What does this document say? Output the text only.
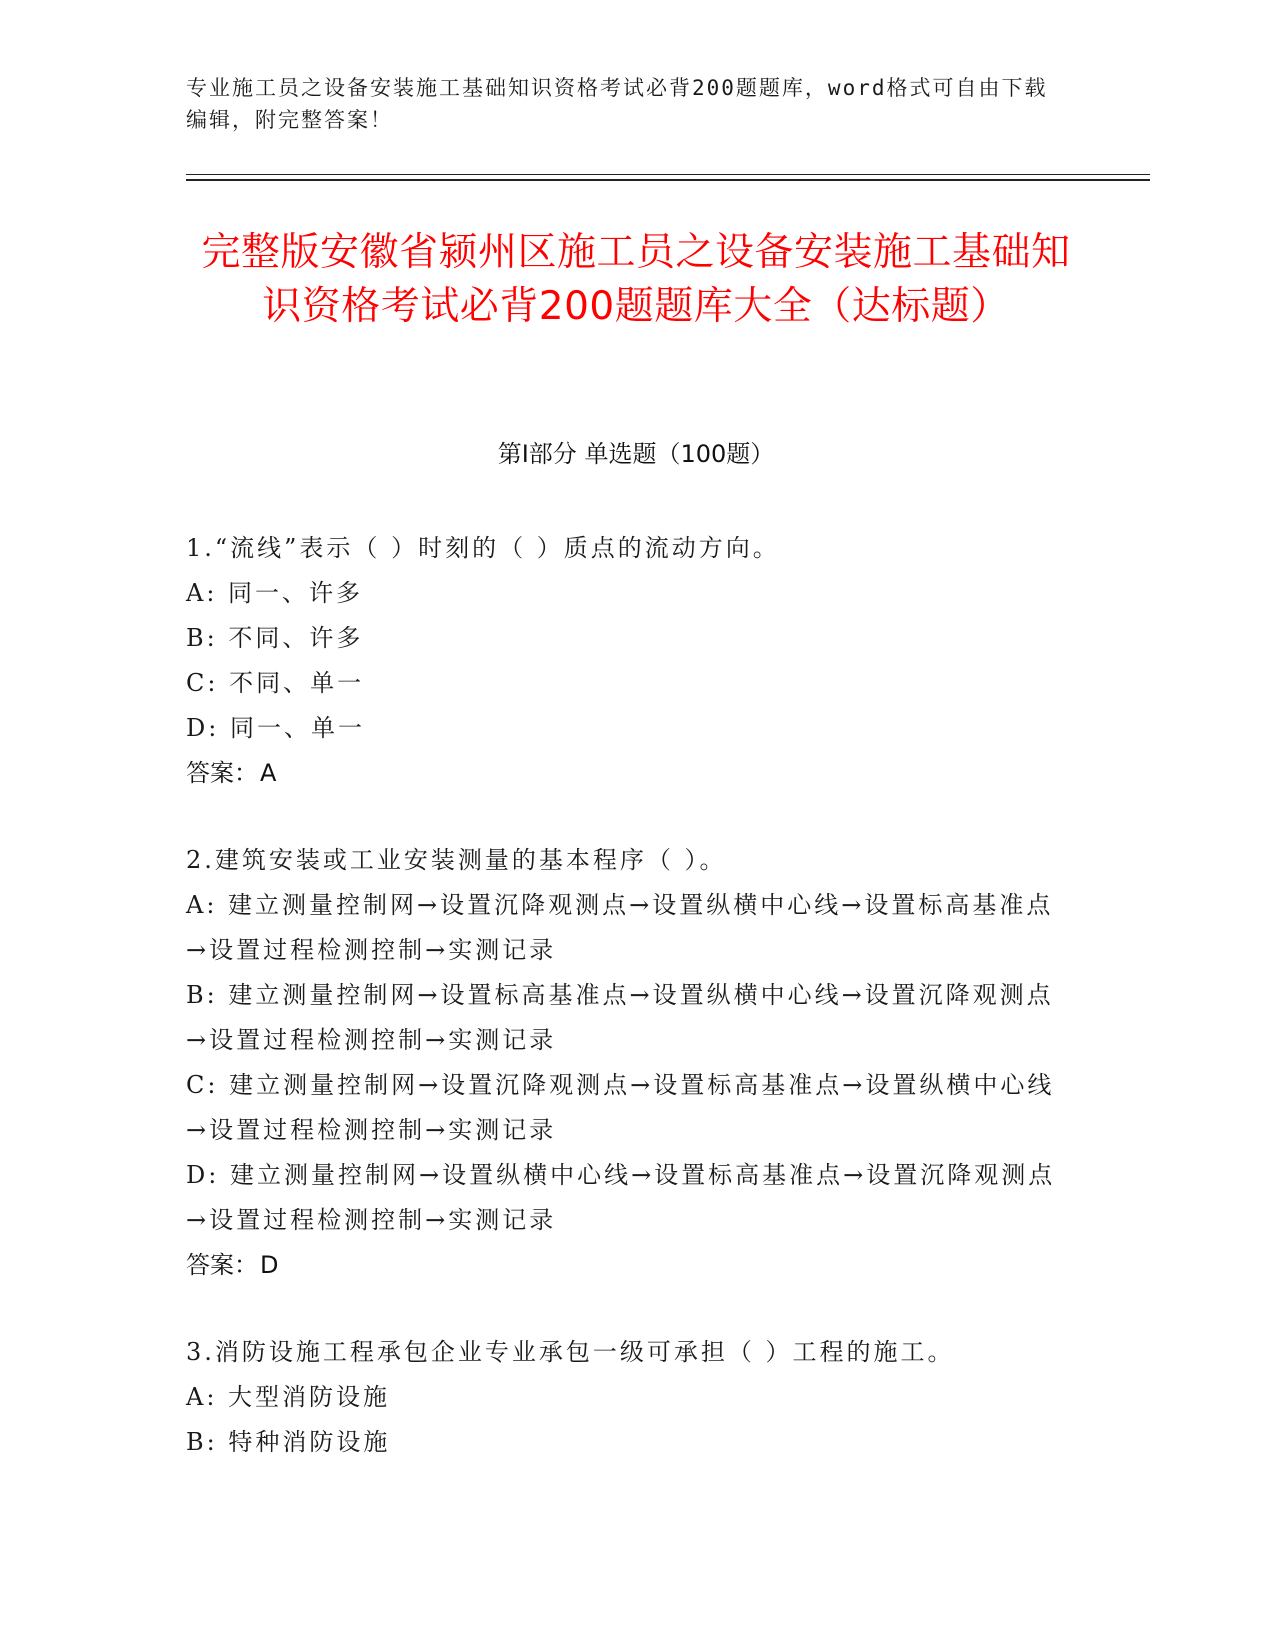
专业施工员之设备安装施工基础知识资格考试必背200题题库，word格式可自由下载编辑，附完整答案！
完整版安徽省颍州区施工员之设备安装施工基础知识资格考试必背200题题库大全（达标题）
第Ⅰ部分 单选题（100题）
1.“流线”表示（ ）时刻的（ ）质点的流动方向。
A: 同一、许多
B: 不同、许多
C: 不同、单一
D: 同一、单一
答案：A
2.建筑安装或工业安装测量的基本程序（ ）。
A: 建立测量控制网→设置沉降观测点→设置纵横中心线→设置标高基准点→设置过程检测控制→实测记录
B: 建立测量控制网→设置标高基准点→设置纵横中心线→设置沉降观测点→设置过程检测控制→实测记录
C: 建立测量控制网→设置沉降观测点→设置标高基准点→设置纵横中心线→设置过程检测控制→实测记录
D: 建立测量控制网→设置纵横中心线→设置标高基准点→设置沉降观测点→设置过程检测控制→实测记录
答案：D
3.消防设施工程承包企业专业承包一级可承担（ ）工程的施工。
A: 大型消防设施
B: 特种消防设施
